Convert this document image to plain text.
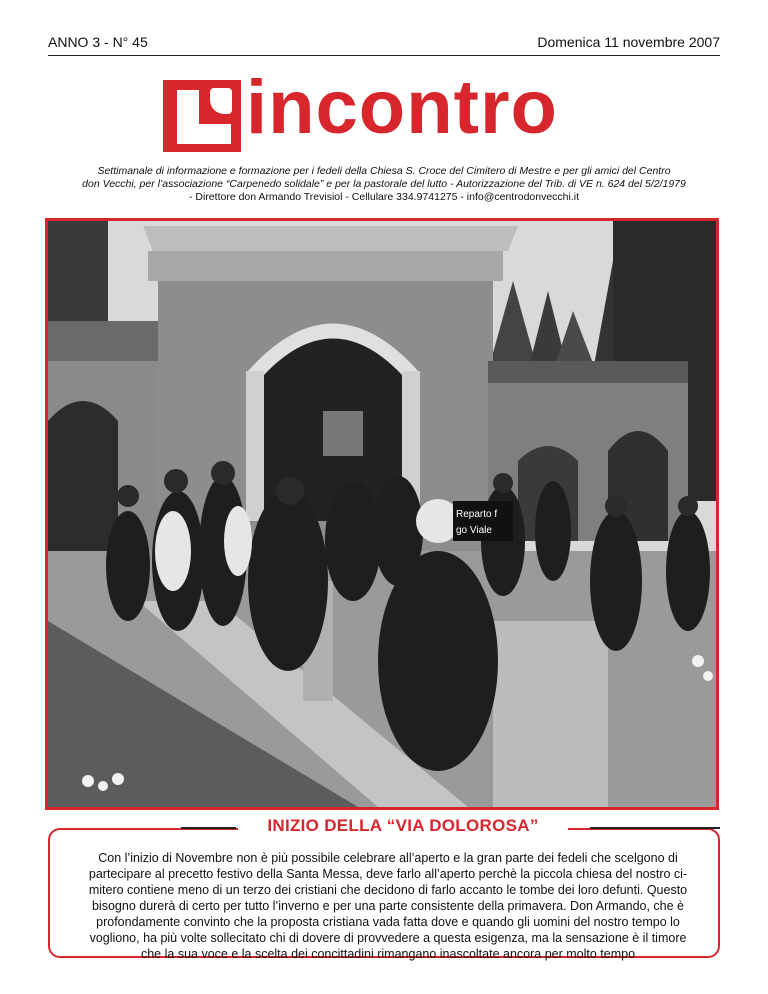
ANNO 3 - N° 45	Domenica 11 novembre 2007
incontro
Settimanale di informazione e formazione per i fedeli della Chiesa S. Croce del Cimitero di Mestre e per gli amici del Centro
don Vecchi, per l’associazione “Carpenedo solidale” e per la pastorale del lutto - Autorizzazione del Trib. di VE n. 624 del 5/2/1979
- Direttore don Armando Trevisiol - Cellulare 334.9741275 - info@centrodonvecchi.it
Reparto f
go Viale
INIZIO DELLA “VIA DOLOROSA”
Con l’inizio di Novembre non è più possibile celebrare all’aperto e la gran parte dei fedeli che scelgono di
partecipare al precetto festivo della Santa Messa, deve farlo all’aperto perchè la piccola chiesa del nostro ci-
mitero contiene meno di un terzo dei cristiani che decidono di farlo accanto le tombe dei loro defunti. Questo
bisogno durerà di certo per tutto l’inverno e per una parte consistente della primavera. Don Armando, che è
profondamente convinto che la proposta cristiana vada fatta dove e quando gli uomini del nostro tempo lo
vogliono, ha più volte sollecitato chi di dovere di provvedere a questa esigenza, ma la sensazione è il timore
che la sua voce e la scelta dei concittadini rimangano inascoltate ancora per molto tempo
